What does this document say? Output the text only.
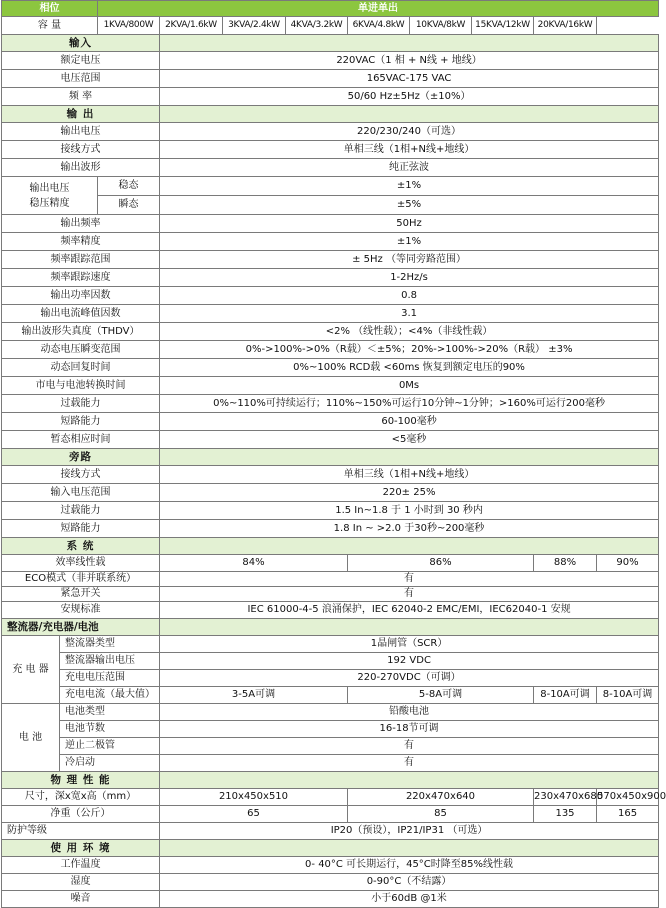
相位		单进单出								
容 量		1KVA/800W	2KVA/1.6kW	3KVA/2.4kW	4KVA/3.2kW	6KVA/4.8kW	10KVA/8kW	15KVA/12kW	20KVA/16kW	
输入										
额定电压			220VAC（1 相 + N线 + 地线）							
电压范围			165VAC-175 VAC							
频 率			50/60 Hz±5Hz（±10%）							
输 出										
输出电压			220/230/240（可选）							
接线方式			单相三线（1相+N线+地线）							
输出波形			纯正弦波							
输出电压
稳压精度		稳态	±1%							
		瞬态	±5%							
输出频率			50Hz							
频率精度			±1%							
频率跟踪范围			± 5Hz （等同旁路范围）							
频率跟踪速度			1-2Hz/s							
输出功率因数			0.8							
输出电流峰值因数			3.1							
输出波形失真度（THDV）			<2% （线性载）；<4%（非线性载）							
动态电压瞬变范围			0%->100%->0%（R载）＜±5%；20%->100%->20%（R载） ±3%							
动态回复时间			0%~100% RCD载 <60ms 恢复到额定电压的90%							
市电与电池转换时间			0Ms							
过载能力			0%~110%可持续运行；110%~150%可运行10分钟~1分钟；>160%可运行200毫秒							
短路能力			60-100毫秒							
暂态相应时间			<5毫秒							
旁路										
接线方式			单相三线（1相+N线+地线）							
输入电压范围			220± 25%							
过载能力			1.5 In~1.8 于 1 小时到 30 秒内							
短路能力			1.8 In ~ >2.0 于30秒~200毫秒							
系 统										
效率线性载			84%			86%			88%	90%
ECO模式（非并联系统）			有							
紧急开关			有							
安规标准			IEC 61000-4-5 浪涌保护，IEC 62040-2 EMC/EMI，IEC62040-1 安规							
整流器/充电器/电池										
充 电 器	整流器类型		1晶闸管（SCR）							
	整流器输出电压		192 VDC							
	充电电压范围		220-270VDC（可调）							
	充电电流（最大值）		3-5A可调			5-8A可调			8-10A可调	8-10A可调
电 池	电池类型		铅酸电池							
	电池节数		16-18节可调							
	逆止二极管		有							
	冷启动		有							
物 理 性 能										
尺寸，深x宽x高（mm）			210x450x510			220x470x640			230x470x680	570x450x900
净重（公斤）			65			85			135	165
防护等级			IP20（预设），IP21/IP31 （可选）							
使 用 环 境										
工作温度			0- 40°C 可长期运行，45°C时降至85%线性载							
湿度			0-90°C（不结露）							
噪音			小于60dB @1米							
